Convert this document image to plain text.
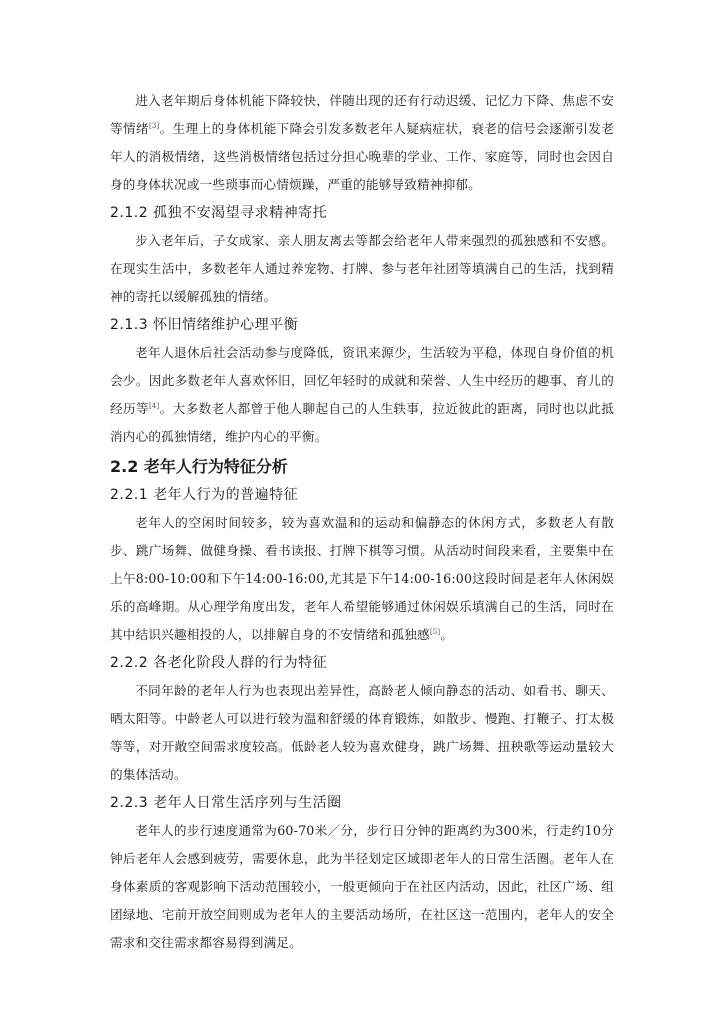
进入老年期后身体机能下降较快，伴随出现的还有行动迟缓、记忆力下降、焦虑不安等情绪[3]。生理上的身体机能下降会引发多数老年人疑病症状，衰老的信号会逐渐引发老年人的消极情绪，这些消极情绪包括过分担心晚辈的学业、工作、家庭等，同时也会因自身的身体状况或一些琐事而心情烦躁，严重的能够导致精神抑郁。

2.1.2 孤独不安渴望寻求精神寄托

步入老年后，子女成家、亲人朋友离去等都会给老年人带来强烈的孤独感和不安感。在现实生活中，多数老年人通过养宠物、打牌、参与老年社团等填满自己的生活，找到精神的寄托以缓解孤独的情绪。

2.1.3 怀旧情绪维护心理平衡

老年人退休后社会活动参与度降低，资讯来源少，生活较为平稳，体现自身价值的机会少。因此多数老年人喜欢怀旧，回忆年轻时的成就和荣誉、人生中经历的趣事、育儿的经历等[4]。大多数老人都曾于他人聊起自己的人生轶事，拉近彼此的距离，同时也以此抵消内心的孤独情绪，维护内心的平衡。

2.2 老年人行为特征分析
2.2.1 老年人行为的普遍特征

老年人的空闲时间较多，较为喜欢温和的运动和偏静态的休闲方式，多数老人有散步、跳广场舞、做健身操、看书读报、打牌下棋等习惯。从活动时间段来看，主要集中在上午8:00-10:00和下午14:00-16:00,尤其是下午14:00-16:00这段时间是老年人休闲娱乐的高峰期。从心理学角度出发，老年人希望能够通过休闲娱乐填满自己的生活，同时在其中结识兴趣相投的人，以排解自身的不安情绪和孤独感[5]。

2.2.2 各老化阶段人群的行为特征

不同年龄的老年人行为也表现出差异性，高龄老人倾向静态的活动、如看书、聊天、晒太阳等。中龄老人可以进行较为温和舒缓的体育锻炼，如散步、慢跑、打鞭子、打太极等等，对开敞空间需求度较高。低龄老人较为喜欢健身，跳广场舞、扭秧歌等运动量较大的集体活动。

2.2.3 老年人日常生活序列与生活圈

老年人的步行速度通常为60-70米／分，步行日分钟的距离约为300米，行走约10分钟后老年人会感到疲劳，需要休息，此为半径划定区域即老年人的日常生活圈。老年人在身体素质的客观影响下活动范围较小，一般更倾向于在社区内活动，因此，社区广场、组团绿地、宅前开放空间则成为老年人的主要活动场所，在社区这一范围内，老年人的安全需求和交往需求都容易得到满足。
